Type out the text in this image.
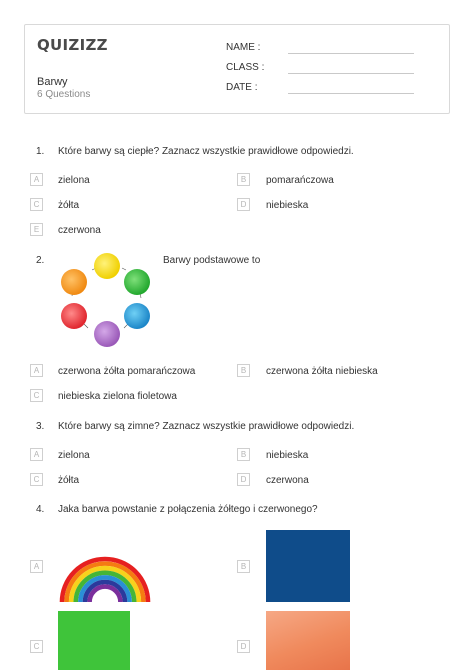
QUIZIZZ
Barwy
6 Questions
NAME :
CLASS :
DATE :
1. Które barwy są ciepłe? Zaznacz wszystkie prawidłowe odpowiedzi.
A	zielona	B	pomarańczowa
C	żółta	D	niebieska
E	czerwona
2.	Barwy podstawowe to
A	czerwona żółta pomarańczowa	B	czerwona żółta niebieska
C	niebieska zielona fioletowa
3. Które barwy są zimne? Zaznacz wszystkie prawidłowe odpowiedzi.
A	zielona	B	niebieska
C	żółta	D	czerwona
4. Jaka barwa powstanie z połączenia żółtego i czerwonego?
A	B
C	D
